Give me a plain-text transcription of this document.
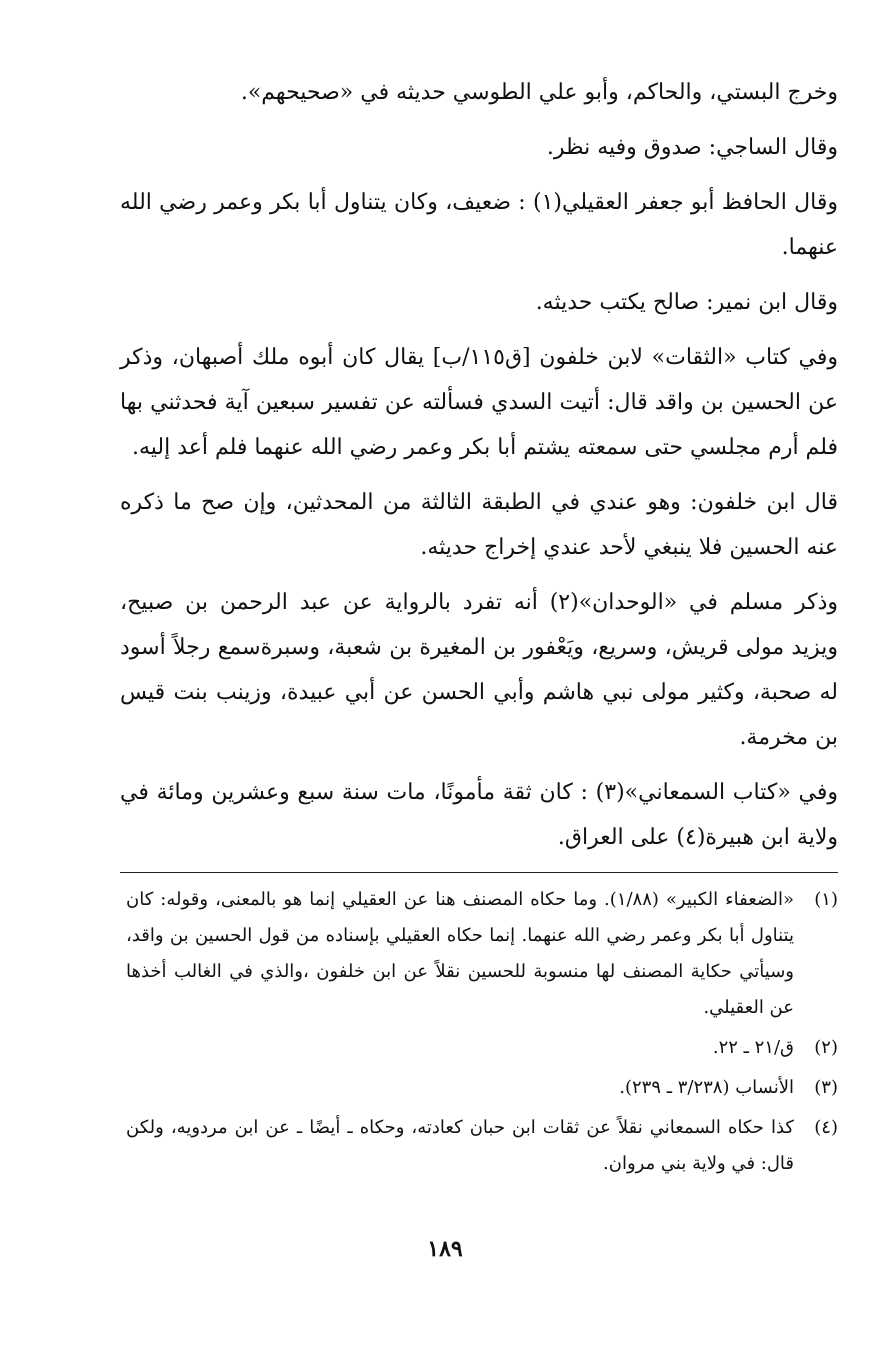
وخرج البستي، والحاكم، وأبو علي الطوسي حديثه في «صحيحهم».

وقال الساجي: صدوق وفيه نظر.

وقال الحافظ أبو جعفر العقيلي(١) : ضعيف، وكان يتناول أبا بكر وعمر رضي الله عنهما.

وقال ابن نمير: صالح يكتب حديثه.

وفي كتاب «الثقات» لابن خلفون [ق١١٥/ب] يقال كان أبوه ملك أصبهان، وذكر عن الحسين بن واقد قال: أتيت السدي فسألته عن تفسير سبعين آية فحدثني بها فلم أرم مجلسي حتى سمعته يشتم أبا بكر وعمر رضي الله عنهما فلم أعد إليه.

قال ابن خلفون: وهو عندي في الطبقة الثالثة من المحدثين، وإن صح ما ذكره عنه الحسين فلا ينبغي لأحد عندي إخراج حديثه.

وذكر مسلم في «الوحدان»(٢) أنه تفرد بالرواية عن عبد الرحمن بن صبيح، ويزيد مولى قريش، وسريع، ويَعْفور بن المغيرة بن شعبة، وسبرةسمع رجلاً أسود له صحبة، وكثير مولى نبي هاشم وأبي الحسن عن أبي عبيدة، وزينب بنت قيس بن مخرمة.

وفي «كتاب السمعاني»(٣) : كان ثقة مأمونًا، مات سنة سبع وعشرين ومائة في ولاية ابن هبيرة(٤) على العراق.

(١)
«الضعفاء الكبير» (١/٨٨). وما حكاه المصنف هنا عن العقيلي إنما هو بالمعنى، وقوله: كان يتناول أبا بكر وعمر رضي الله عنهما. إنما حكاه العقيلي بإسناده من قول الحسين بن واقد، وسيأتي حكاية المصنف لها منسوبة للحسين نقلاً عن ابن خلفون ،والذي في الغالب أخذها عن العقيلي.
(٢)
ق/٢١ ـ ٢٢.
(٣)
الأنساب (٣/٢٣٨ ـ ٢٣٩).
(٤)
كذا حكاه السمعاني نقلاً عن ثقات ابن حبان كعادته، وحكاه ـ أيضًا ـ عن ابن مردويه، ولكن قال: في ولاية بني مروان.
١٨٩
